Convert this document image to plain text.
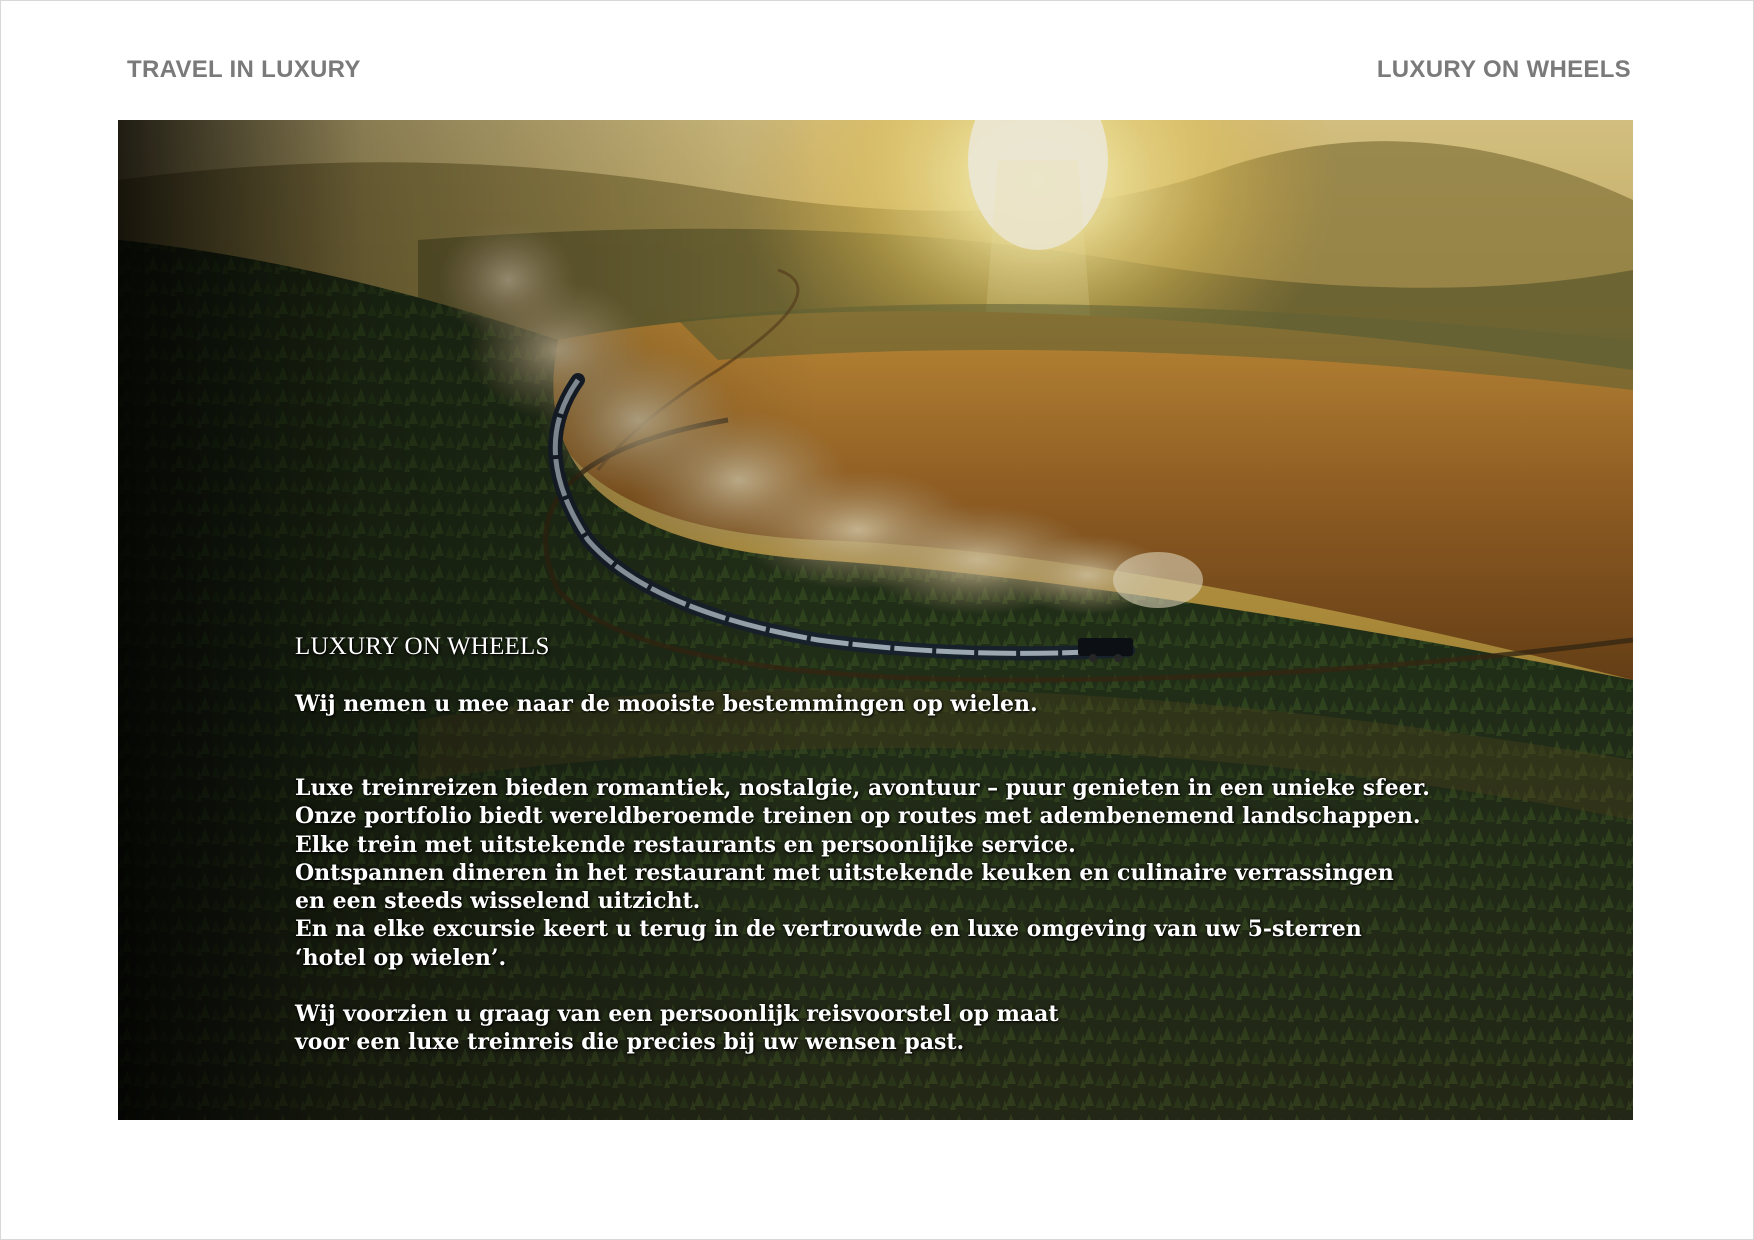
TRAVEL IN LUXURY	LUXURY ON WHEELS
LUXURY ON WHEELS
Wij nemen u mee naar de mooiste bestemmingen op wielen.
Luxe treinreizen bieden romantiek, nostalgie, avontuur – puur genieten in een unieke sfeer.
Onze portfolio biedt wereldberoemde treinen op routes met adembenemend landschappen.
Elke trein met uitstekende restaurants en persoonlijke service.
Ontspannen dineren in het restaurant met uitstekende keuken en culinaire verrassingen
en een steeds wisselend uitzicht.
En na elke excursie keert u terug in de vertrouwde en luxe omgeving van uw 5-sterren
‘hotel op wielen’.
Wij voorzien u graag van een persoonlijk reisvoorstel op maat
voor een luxe treinreis die precies bij uw wensen past.
